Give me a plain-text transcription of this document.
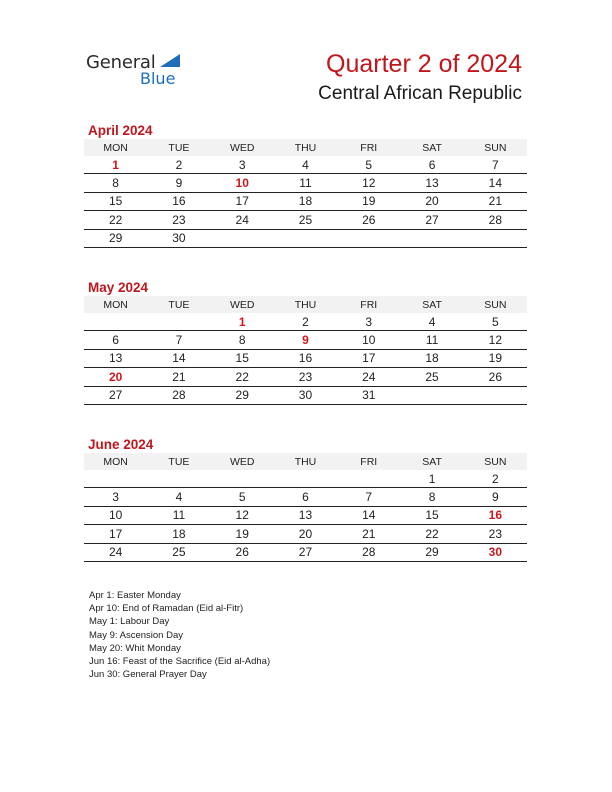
General
Blue
Quarter 2 of 2024
Central African Republic
April 2024
MON	TUE	WED	THU	FRI	SAT	SUN
1	2	3	4	5	6	7
8	9	10	11	12	13	14
15	16	17	18	19	20	21
22	23	24	25	26	27	28
29	30					
May 2024
MON	TUE	WED	THU	FRI	SAT	SUN
		1	2	3	4	5
6	7	8	9	10	11	12
13	14	15	16	17	18	19
20	21	22	23	24	25	26
27	28	29	30	31		
June 2024
MON	TUE	WED	THU	FRI	SAT	SUN
					1	2
3	4	5	6	7	8	9
10	11	12	13	14	15	16
17	18	19	20	21	22	23
24	25	26	27	28	29	30
Apr 1: Easter Monday
Apr 10: End of Ramadan (Eid al-Fitr)
May 1: Labour Day
May 9: Ascension Day
May 20: Whit Monday
Jun 16: Feast of the Sacrifice (Eid al-Adha)
Jun 30: General Prayer Day
